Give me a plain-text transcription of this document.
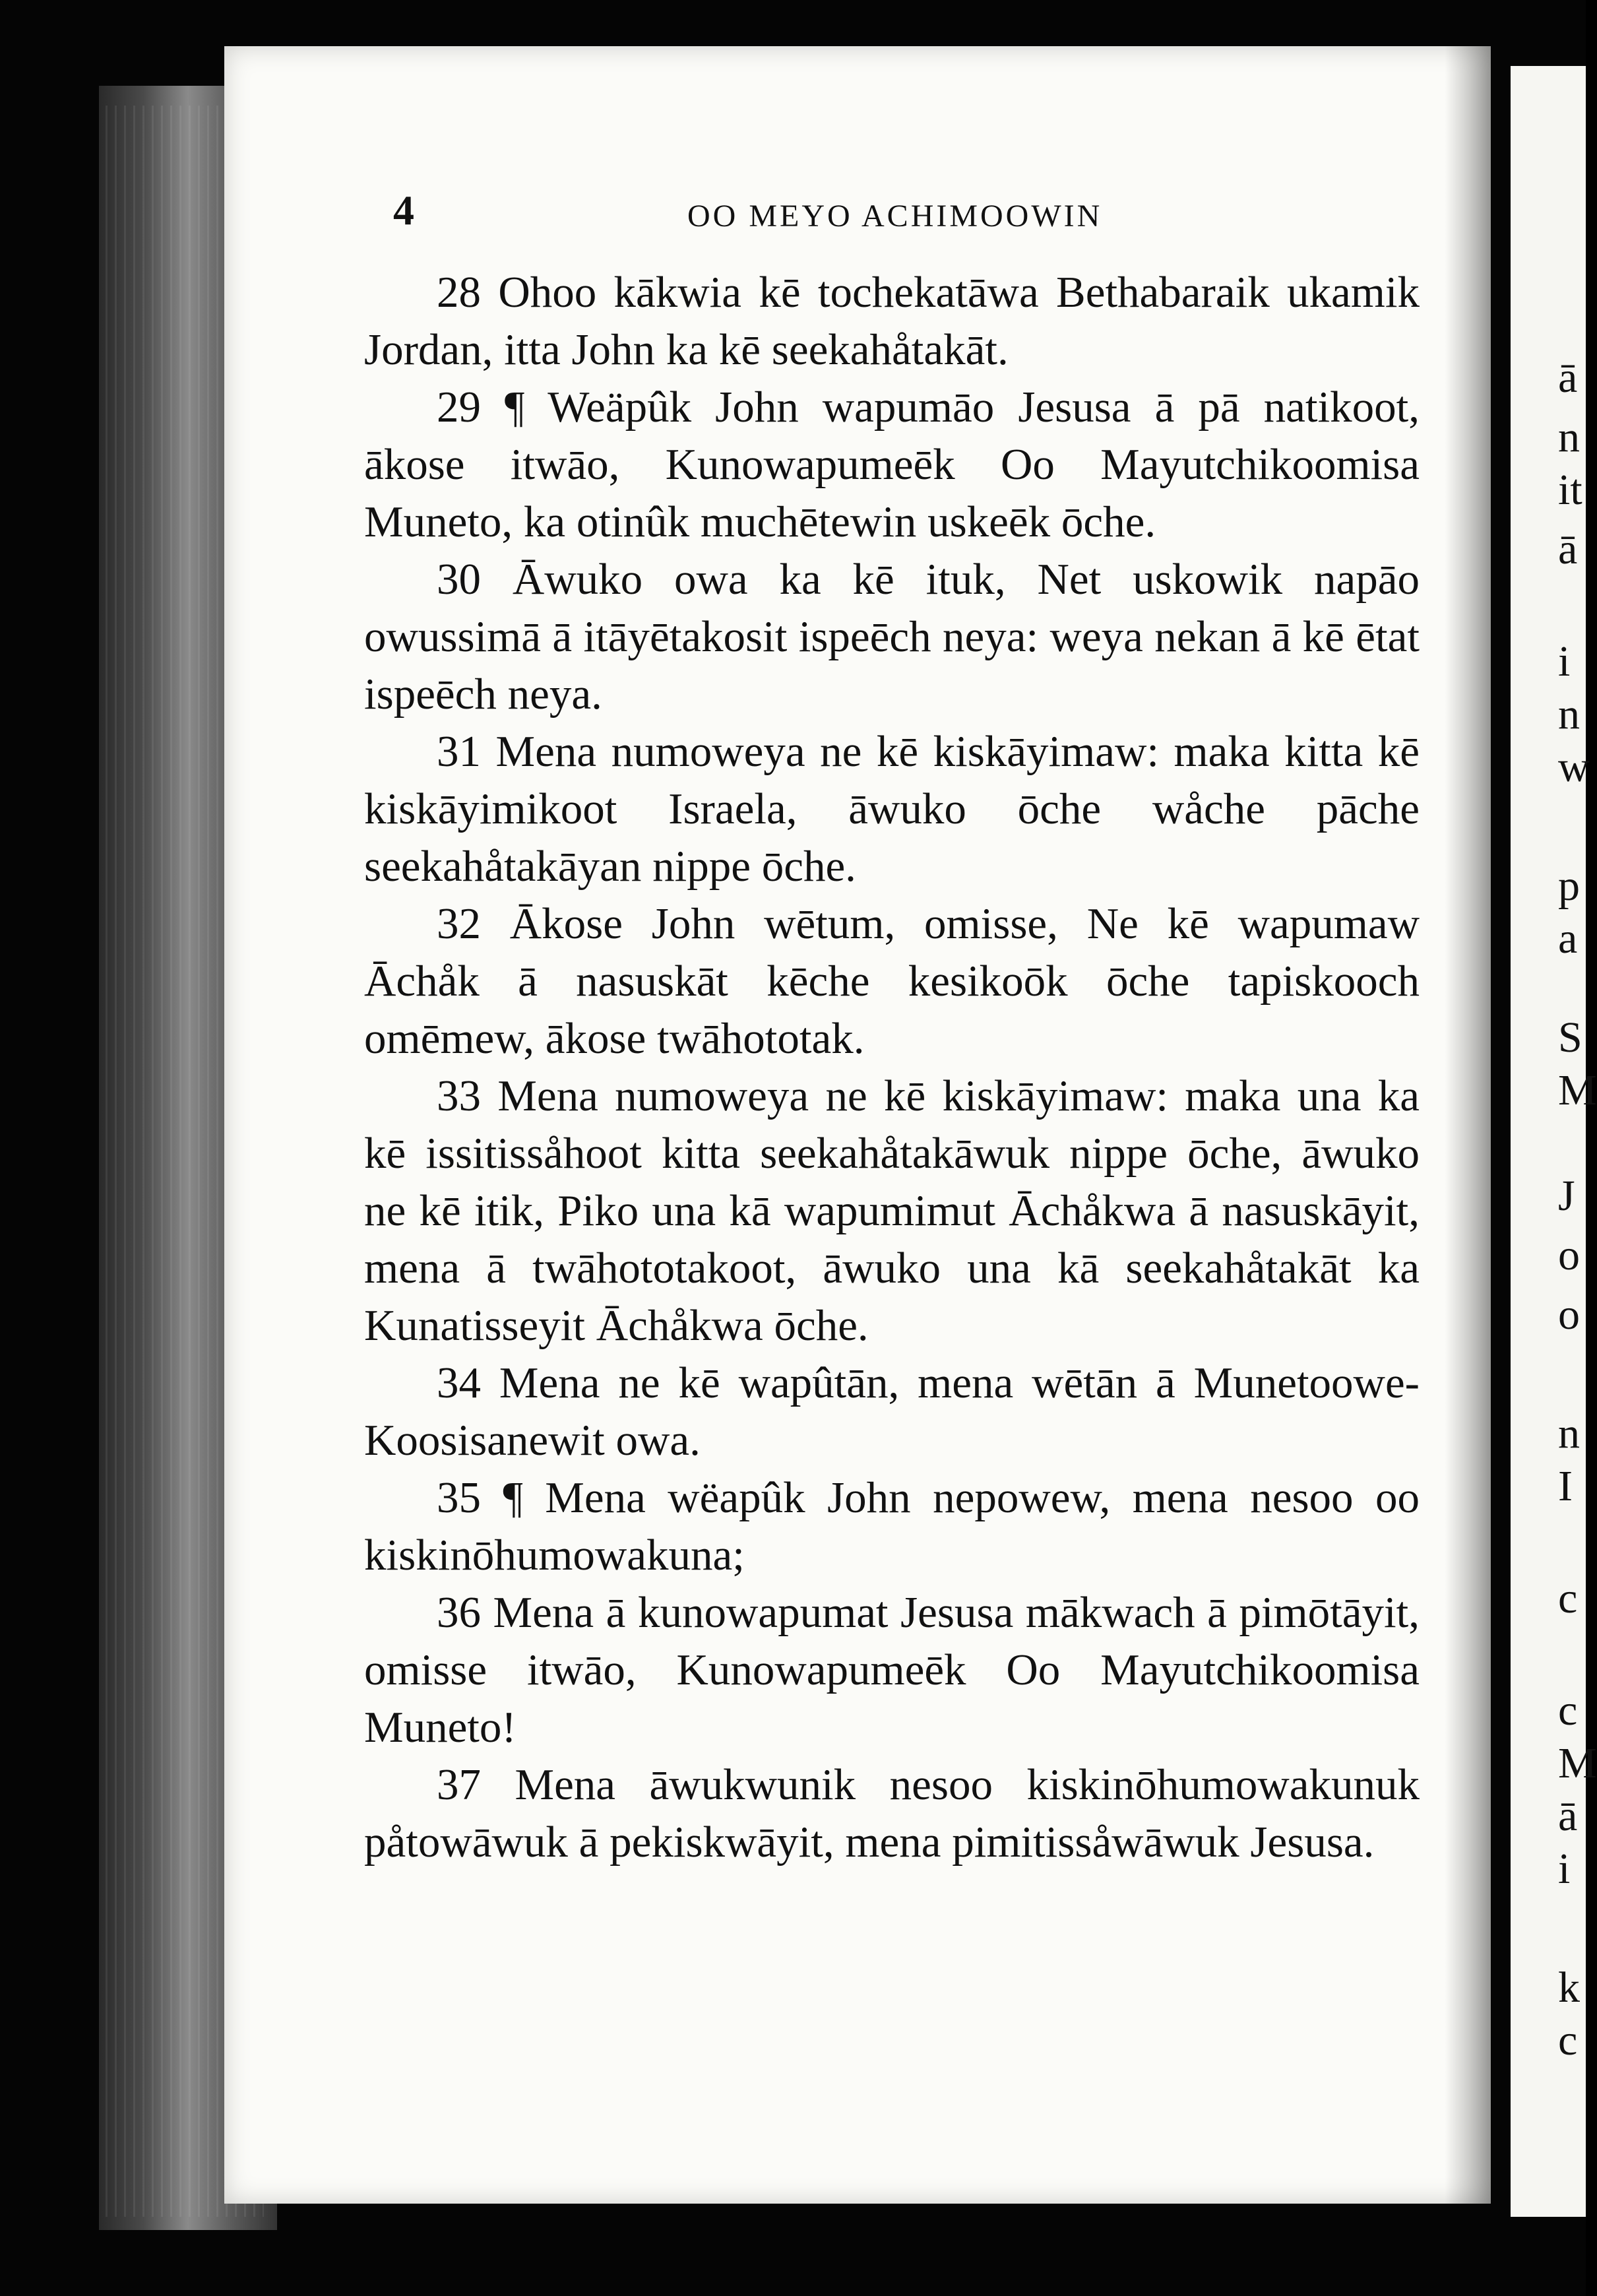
ā
n
it
ā
i
n
w
p
a
S
M
J
o
o
n
I
c
c
M
ā
i
k
c
4	OO MEYO ACHIMOOWIN

28 Ohoo kākwia kē tochekatāwa Bethabaraik ukamik Jordan, itta John ka kē seekahåtakāt.

29 ¶ Weäpûk John wapumāo Jesusa ā pā natikoot, ākose itwāo, Kunowapumeēk Oo Mayutchikoomisa Muneto, ka otinûk muchētewin uskeēk ōche.

30 Āwuko owa ka kē ituk, Net uskowik napāo owussimā ā itāyētakosit ispeēch neya: weya nekan ā kē ētat ispeēch neya.

31 Mena numoweya ne kē kiskāyimaw: maka kitta kē kiskāyimikoot Israela, āwuko ōche wåche pāche seekahåtakāyan nippe ōche.

32 Ākose John wētum, omisse, Ne kē wapumaw Āchåk ā nasuskāt kēche kesikoōk ōche tapiskooch omēmew, ākose twāhototak.

33 Mena numoweya ne kē kiskāyimaw: maka una ka kē issitissåhoot kitta seekahåtakāwuk nippe ōche, āwuko ne kē itik, Piko una kā wapumimut Āchåkwa ā nasuskāyit, mena ā twāhototakoot, āwuko una kā seekahåtakāt ka Kunatisseyit Āchåkwa ōche.

34 Mena ne kē wapûtān, mena wētān ā Munetoowe-Koosisanewit owa.

35 ¶ Mena wëapûk John nepowew, mena nesoo oo kiskinōhumowakuna;

36 Mena ā kunowapumat Jesusa mākwach ā pimōtāyit, omisse itwāo, Kunowapumeēk Oo Mayutchikoomisa Muneto!

37 Mena āwukwunik nesoo kiskinōhumowakunuk påtowāwuk ā pekiskwāyit, mena pimitissåwāwuk Jesusa.
